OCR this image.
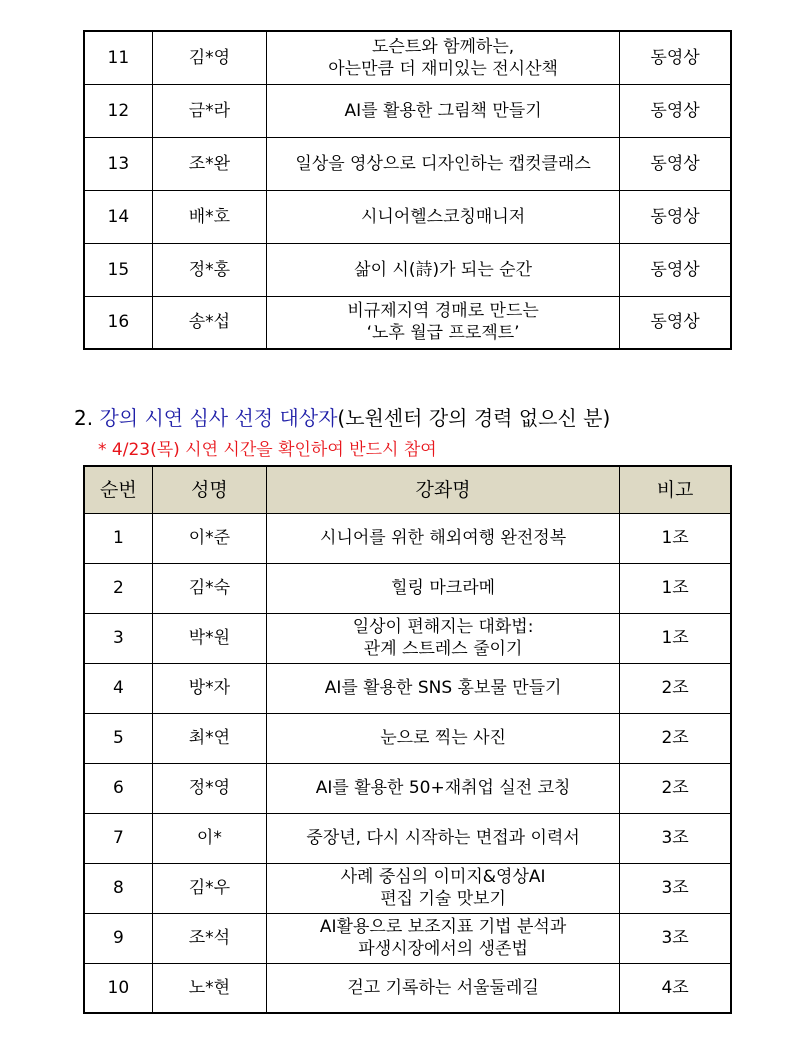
11	김*영	도슨트와 함께하는,
아는만큼 더 재미있는 전시산책	동영상
12	금*라	AI를 활용한 그림책 만들기	동영상
13	조*완	일상을 영상으로 디자인하는 캡컷클래스	동영상
14	배*호	시니어헬스코칭매니저	동영상
15	정*홍	삶이 시(詩)가 되는 순간	동영상
16	송*섭	비규제지역 경매로 만드는
‘노후 월급 프로젝트’	동영상
2. 강의 시연 심사 선정 대상자(노원센터 강의 경력 없으신 분)
* 4/23(목) 시연 시간을 확인하여 반드시 참여
순번	성명	강좌명	비고
1	이*준	시니어를 위한 해외여행 완전정복	1조
2	김*숙	힐링 마크라메	1조
3	박*원	일상이 편해지는 대화법:
관계 스트레스 줄이기	1조
4	방*자	AI를 활용한 SNS 홍보물 만들기	2조
5	최*연	눈으로 찍는 사진	2조
6	정*영	AI를 활용한 50+재취업 실전 코칭	2조
7	이*	중장년, 다시 시작하는 면접과 이력서	3조
8	김*우	사례 중심의 이미지&영상AI
편집 기술 맛보기	3조
9	조*석	AI활용으로 보조지표 기법 분석과
파생시장에서의 생존법	3조
10	노*현	걷고 기록하는 서울둘레길	4조
